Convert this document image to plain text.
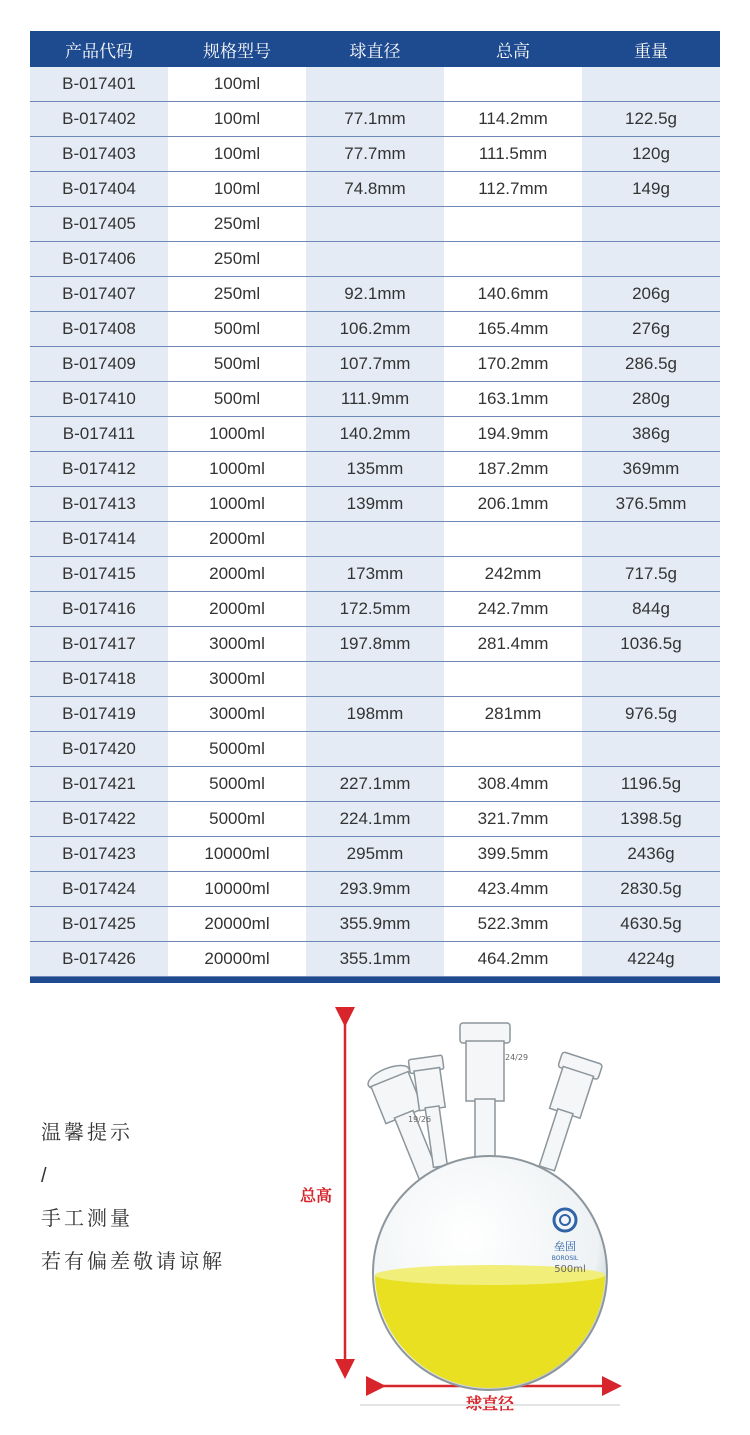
产品代码	规格型号	球直径	总高	重量
B-017401	100ml			
B-017402	100ml	77.1mm	114.2mm	122.5g
B-017403	100ml	77.7mm	111.5mm	120g
B-017404	100ml	74.8mm	112.7mm	149g
B-017405	250ml			
B-017406	250ml			
B-017407	250ml	92.1mm	140.6mm	206g
B-017408	500ml	106.2mm	165.4mm	276g
B-017409	500ml	107.7mm	170.2mm	286.5g
B-017410	500ml	111.9mm	163.1mm	280g
B-017411	1000ml	140.2mm	194.9mm	386g
B-017412	1000ml	135mm	187.2mm	369mm
B-017413	1000ml	139mm	206.1mm	376.5mm
B-017414	2000ml			
B-017415	2000ml	173mm	242mm	717.5g
B-017416	2000ml	172.5mm	242.7mm	844g
B-017417	3000ml	197.8mm	281.4mm	1036.5g
B-017418	3000ml			
B-017419	3000ml	198mm	281mm	976.5g
B-017420	5000ml			
B-017421	5000ml	227.1mm	308.4mm	1196.5g
B-017422	5000ml	224.1mm	321.7mm	1398.5g
B-017423	10000ml	295mm	399.5mm	2436g
B-017424	10000ml	293.9mm	423.4mm	2830.5g
B-017425	20000ml	355.9mm	522.3mm	4630.5g
B-017426	20000ml	355.1mm	464.2mm	4224g
温馨提示
/
手工测量
若有偏差敬请谅解
总高
球直径
垒固
BOROSIL
500ml
24/29
19/26
